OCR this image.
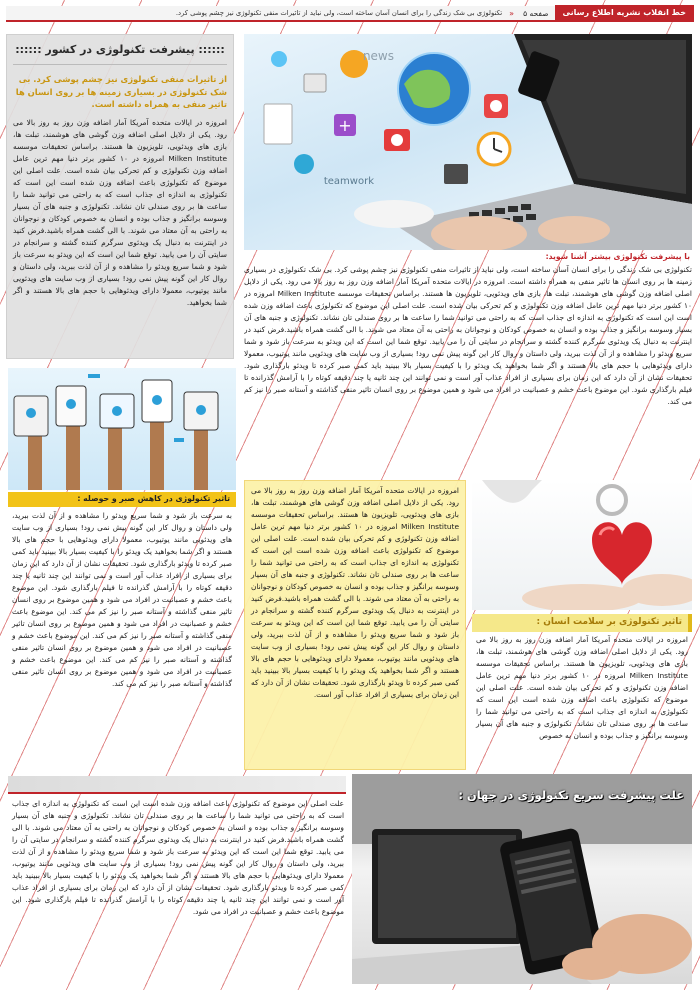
خط انقلاب نشریه اطلاع رسانی
صفحه ۵
«
تکنولوژی بی شک زندگی را برای انسان آسان ساخته است، ولی نباید از تاثیرات منفی تکنولوژی نیز چشم پوشی کرد.
:::::: پیشرفت تکنولوژی در کشور ::::::
از تاثیرات منفی تکنولوژی نیز چشم پوشی کرد. بی شک تکنولوژی در بسیاری زمینه ها بر روی انسان ها تاثیر منفی به همراه داشته است.
امروزه در ایالات متحده آمریکا آمار اضافه وزن روز به روز بالا می رود. یکی از دلایل اصلی اضافه وزن گوشی های هوشمند، تبلت ها، بازی های ویدئویی، تلویزیون ها هستند. براساس تحقیقات موسسه Milken Institute امروزه در ۱۰ کشور برتر دنیا مهم ترین عامل اضافه وزن تکنولوژی و کم تحرکی بیان شده است. علت اصلی این موضوع که تکنولوژی باعث اضافه وزن شده است این است که تکنولوژی به اندازه ای جذاب است که به راحتی می توانید شما را ساعت ها بر روی صندلی تان نشاند. تکنولوژی و جنبه های آن بسیار وسوسه برانگیز و جذاب بوده و انسان به خصوص کودکان و نوجوانان به راحتی به آن معتاد می شوند. با الی گشت همراه باشید.فرض کنید در اینترنت به دنبال یک ویدئوی سرگرم کننده گشته و سرانجام در سایتی آن را می یابید. توقع شما این است که این ویدئو به سرعت باز شود و شما سریع ویدئو را مشاهده و از آن لذت ببرید، ولی داستان و روال کار این گونه پیش نمی رود! بسیاری از وب سایت های ویدئویی مانند یوتیوب، معمولا دارای ویدئوهایی با حجم های بالا هستند و اگر شما بخواهید.
+
news
teamwork
با پیشرفت تکنولوژی بیشتر آشنا شوید:
تکنولوژی بی شک زندگی را برای انسان آسان ساخته است، ولی نباید از تاثیرات منفی تکنولوژی نیز چشم پوشی کرد. بی شک تکنولوژی در بسیاری زمینه ها بر روی انسان ها تاثیر منفی به همراه داشته است. امروزه در ایالات متحده آمریکا آمار اضافه وزن روز به روز بالا می رود. یکی از دلایل اصلی اضافه وزن گوشی های هوشمند، تبلت ها، بازی های ویدئویی، تلویزیون ها هستند. براساس تحقیقات موسسه Milken Institute امروزه در ۱۰ کشور برتر دنیا مهم ترین عامل اضافه وزن تکنولوژی و کم تحرکی بیان شده است. علت اصلی این موضوع که تکنولوژی باعث اضافه وزن شده است این است که تکنولوژی به اندازه ای جذاب است که به راحتی می توانید شما را ساعت ها بر روی صندلی تان نشاند. تکنولوژی و جنبه های آن بسیار وسوسه برانگیز و جذاب بوده و انسان به خصوص کودکان و نوجوانان به راحتی به آن معتاد می شوند. با الی گشت همراه باشید.فرض کنید در اینترنت به دنبال یک ویدئوی سرگرم کننده گشته و سرانجام در سایتی آن را می یابید. توقع شما این است که این ویدئو به سرعت باز شود و شما سریع ویدئو را مشاهده و از آن لذت ببرید، ولی داستان و روال کار این گونه پیش نمی رود! بسیاری از وب سایت های ویدئویی مانند یوتیوب، معمولا دارای ویدئوهایی با حجم های بالا هستند و اگر شما بخواهید یک ویدئو را با کیفیت بسیار بالا ببینید باید کمی صبر کرده تا ویدئو بارگذاری شود. تحقیقات نشان از آن دارد که این زمان برای بسیاری از افراد عذاب آور است و نمی توانند این چند ثانیه یا چند دقیقه کوتاه را با آرامش گذرانده تا فیلم بارگذاری شود. این موضوع باعث خشم و عصبانیت در افراد می شود و همین موضوع بر روی انسان تاثیر منفی گذاشته و آستانه صبر را نیز کم می کند.
تاثیر تکنولوژی در کاهش صبر و حوصله :
به سرعت باز شود و شما سریع ویدئو را مشاهده و از آن لذت ببرید، ولی داستان و روال کار این گونه پیش نمی رود! بسیاری از وب سایت های ویدئویی مانند یوتیوب، معمولا دارای ویدئوهایی با حجم های بالا هستند و اگر شما بخواهید یک ویدئو را با کیفیت بسیار بالا ببینید باید کمی صبر کرده تا ویدئو بارگذاری شود. تحقیقات نشان از آن دارد که این زمان برای بسیاری از افراد عذاب آور است و نمی توانند این چند ثانیه یا چند دقیقه کوتاه را با آرامش گذرانده تا فیلم بارگذاری شود. این موضوع باعث خشم و عصبانیت در افراد می شود و همین موضوع بر روی انسان تاثیر منفی گذاشته و آستانه صبر را نیز کم می کند. این موضوع باعث خشم و عصبانیت در افراد می شود و همین موضوع بر روی انسان تاثیر منفی گذاشته و آستانه صبر را نیز کم می کند. این موضوع باعث خشم و عصبانیت در افراد می شود و همین موضوع بر روی انسان تاثیر منفی گذاشته و آستانه صبر را نیز کم می کند. این موضوع باعث خشم و عصبانیت در افراد می شود و همین موضوع بر روی انسان تاثیر منفی گذاشته و آستانه صبر را نیز کم می کند.
امروزه در ایالات متحده آمریکا آمار اضافه وزن روز به روز بالا می رود. یکی از دلایل اصلی اضافه وزن گوشی های هوشمند، تبلت ها، بازی های ویدئویی، تلویزیون ها هستند. براساس تحقیقات موسسه Milken Institute امروزه در ۱۰ کشور برتر دنیا مهم ترین عامل اضافه وزن تکنولوژی و کم تحرکی بیان شده است. علت اصلی این موضوع که تکنولوژی باعث اضافه وزن شده است این است که تکنولوژی به اندازه ای جذاب است که به راحتی می توانید شما را ساعت ها بر روی صندلی تان نشاند. تکنولوژی و جنبه های آن بسیار وسوسه برانگیز و جذاب بوده و انسان به خصوص کودکان و نوجوانان به راحتی به آن معتاد می شوند. با الی گشت همراه باشید.فرض کنید در اینترنت به دنبال یک ویدئوی سرگرم کننده گشته و سرانجام در سایتی آن را می یابید. توقع شما این است که این ویدئو به سرعت باز شود و شما سریع ویدئو را مشاهده و از آن لذت ببرید، ولی داستان و روال کار این گونه پیش نمی رود! بسیاری از وب سایت های ویدئویی مانند یوتیوب، معمولا دارای ویدئوهایی با حجم های بالا هستند و اگر شما بخواهید یک ویدئو را با کیفیت بسیار بالا ببینید باید کمی صبر کرده تا ویدئو بارگذاری شود. تحقیقات نشان از آن دارد که این زمان برای بسیاری از افراد عذاب آور است.
تاثیر تکنولوژی بر سلامت انسان :
امروزه در ایالات متحده آمریکا آمار اضافه وزن روز به روز بالا می رود. یکی از دلایل اصلی اضافه وزن گوشی های هوشمند، تبلت ها، بازی های ویدئویی، تلویزیون ها هستند. براساس تحقیقات موسسه Milken Institute امروزه در ۱۰ کشور برتر دنیا مهم ترین عامل اضافه وزن تکنولوژی و کم تحرکی بیان شده است. علت اصلی این موضوع که تکنولوژی باعث اضافه وزن شده است این است که تکنولوژی به اندازه ای جذاب است که به راحتی می توانید شما را ساعت ها بر روی صندلی تان نشاند. تکنولوژی و جنبه های آن بسیار وسوسه برانگیز و جذاب بوده و انسان به خصوص
علت اصلی این موضوع که تکنولوژی باعث اضافه وزن شده است این است که تکنولوژی به اندازه ای جذاب است که به راحتی می توانید شما را ساعت ها بر روی صندلی تان نشاند. تکنولوژی و جنبه های آن بسیار وسوسه برانگیز و جذاب بوده و انسان به خصوص کودکان و نوجوانان به راحتی به آن معتاد می شوند. با الی گشت همراه باشید.فرض کنید در اینترنت به دنبال یک ویدئوی سرگرم کننده گشته و سرانجام در سایتی آن را می یابید. توقع شما این است که این ویدئو به سرعت باز شود و شما سریع ویدئو را مشاهده و از آن لذت ببرید، ولی داستان و روال کار این گونه پیش نمی رود! بسیاری از وب سایت های ویدئویی مانند یوتیوب، معمولا دارای ویدئوهایی با حجم های بالا هستند و اگر شما بخواهید یک ویدئو را با کیفیت بسیار بالا ببینید باید کمی صبر کرده تا ویدئو بارگذاری شود. تحقیقات نشان از آن دارد که این زمان برای بسیاری از افراد عذاب آور است و نمی توانند این چند ثانیه یا چند دقیقه کوتاه را با آرامش گذرانده تا فیلم بارگذاری شود. این موضوع باعث خشم و عصبانیت در افراد می شود.
علت پیشرفت سریع تکنولوژی در جهان :
